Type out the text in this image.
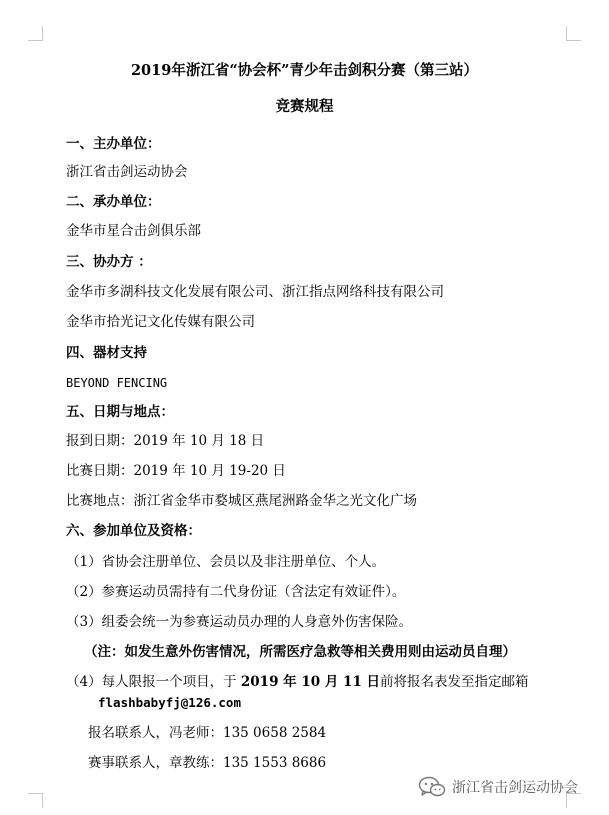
2019年浙江省“协会杯”青少年击剑积分赛（第三站）
竞赛规程
一、主办单位：
浙江省击剑运动协会
二、承办单位：
金华市星合击剑俱乐部
三、协办方 ：
金华市多湖科技文化发展有限公司、浙江指点网络科技有限公司
金华市拾光记文化传媒有限公司
四、器材支持
BEYOND FENCING
五、日期与地点：
报到日期：2019 年 10 月 18 日
比赛日期：2019 年 10 月 19-20 日
比赛地点：浙江省金华市婺城区燕尾洲路金华之光文化广场
六、参加单位及资格：
（1）省协会注册单位、会员以及非注册单位、个人。
（2）参赛运动员需持有二代身份证（含法定有效证件）。
（3）组委会统一为参赛运动员办理的人身意外伤害保险。
（注：如发生意外伤害情况，所需医疗急救等相关费用则由运动员自理）
（4）每人限报一个项目，于 2019 年 10 月 11 日前将报名表发至指定邮箱
flashbabyfj@126.com
报名联系人，冯老师：135 0658 2584
赛事联系人，章教练：135 1553 8686
浙江省击剑运动协会
